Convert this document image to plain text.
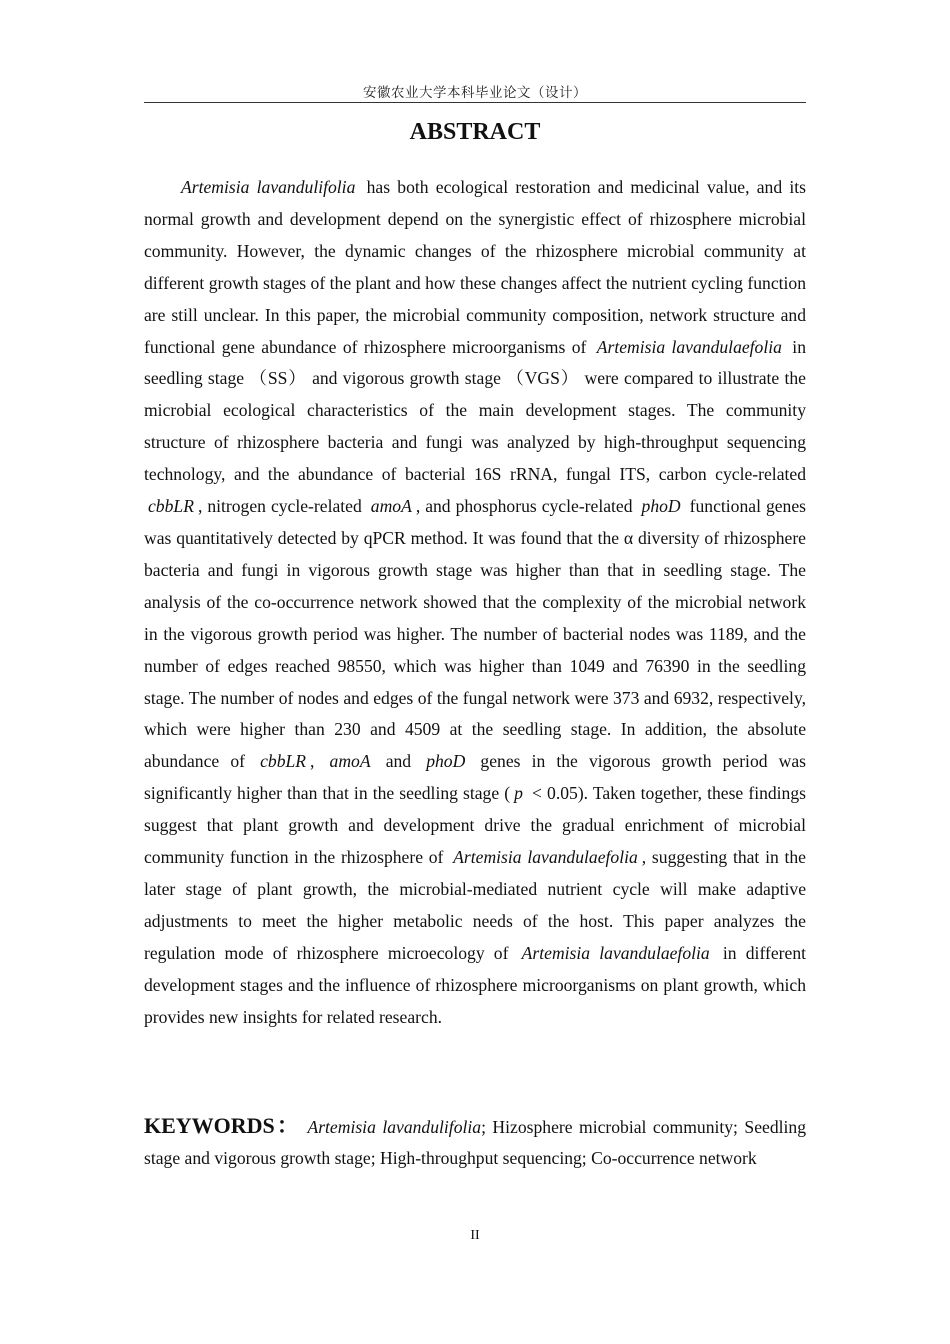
安徽农业大学本科毕业论文（设计）
ABSTRACT

Artemisia lavandulifolia has both ecological restoration and medicinal value, and its normal growth and development depend on the synergistic effect of rhizosphere microbial community. However, the dynamic changes of the rhizosphere microbial community at different growth stages of the plant and how these changes affect the nutrient cycling function are still unclear. In this paper, the microbial community composition, network structure and functional gene abundance of rhizosphere microorganisms of Artemisia lavandulaefolia in seedling stage （SS） and vigorous growth stage （VGS） were compared to illustrate the microbial ecological characteristics of the main development stages. The community structure of rhizosphere bacteria and fungi was analyzed by high-throughput sequencing technology, and the abundance of bacterial 16S rRNA, fungal ITS, carbon cycle-related cbbLR , nitrogen cycle-related amoA , and phosphorus cycle-related phoD functional genes was quantitatively detected by qPCR method. It was found that the α diversity of rhizosphere bacteria and fungi in vigorous growth stage was higher than that in seedling stage. The analysis of the co-occurrence network showed that the complexity of the microbial network in the vigorous growth period was higher. The number of bacterial nodes was 1189, and the number of edges reached 98550, which was higher than 1049 and 76390 in the seedling stage. The number of nodes and edges of the fungal network were 373 and 6932, respectively, which were higher than 230 and 4509 at the seedling stage. In addition, the absolute abundance of cbbLR , amoA and phoD genes in the vigorous growth period was significantly higher than that in the seedling stage ( p < 0.05). Taken together, these findings suggest that plant growth and development drive the gradual enrichment of microbial community function in the rhizosphere of Artemisia lavandulaefolia , suggesting that in the later stage of plant growth, the microbial-mediated nutrient cycle will make adaptive adjustments to meet the higher metabolic needs of the host. This paper analyzes the regulation mode of rhizosphere microecology of Artemisia lavandulaefolia in different development stages and the influence of rhizosphere microorganisms on plant growth, which provides new insights for related research.

KEYWORDS： Artemisia lavandulifolia; Hizosphere microbial community; Seedling stage and vigorous growth stage; High-throughput sequencing; Co-occurrence network

II
